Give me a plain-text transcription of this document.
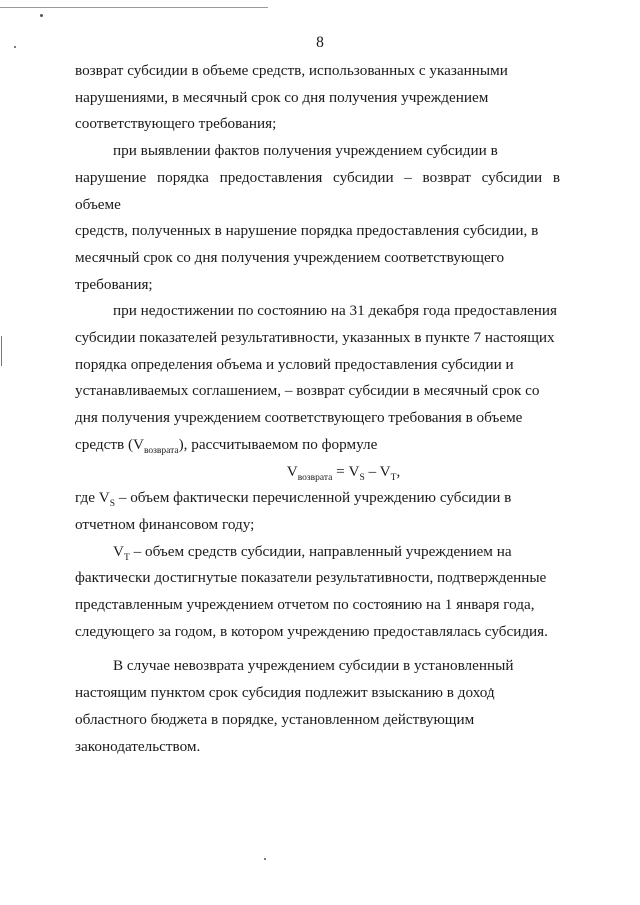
8

возврат субсидии в объеме средств, использованных с указанными
нарушениями, в месячный срок со дня получения учреждением
соответствующего требования;

при выявлении фактов получения учреждением субсидии в
нарушение порядка предоставления субсидии – возврат субсидии в объеме
средств, полученных в нарушение порядка предоставления субсидии, в
месячный срок со дня получения учреждением соответствующего
требования;

при недостижении по состоянию на 31 декабря года предоставления
субсидии показателей результативности, указанных в пункте 7 настоящих
порядка определения объема и условий предоставления субсидии и
устанавливаемых соглашением, – возврат субсидии в месячный срок со
дня получения учреждением соответствующего требования в объеме
средств $(V_{возврата})$, рассчитываемом по формуле

$V_{возврата} = V_S - V_T$,

где $V_S$ – объем фактически перечисленной учреждению субсидии в
отчетном финансовом году;

$V_T$ – объем средств субсидии, направленный учреждением на
фактически достигнутые показатели результативности, подтвержденные
представленным учреждением отчетом по состоянию на 1 января года,
следующего за годом, в котором учреждению предоставлялась субсидия.

В случае невозврата учреждением субсидии в установленный
настоящим пунктом срок субсидия подлежит взысканию в доход
областного бюджета в порядке, установленном действующим
законодательством.
